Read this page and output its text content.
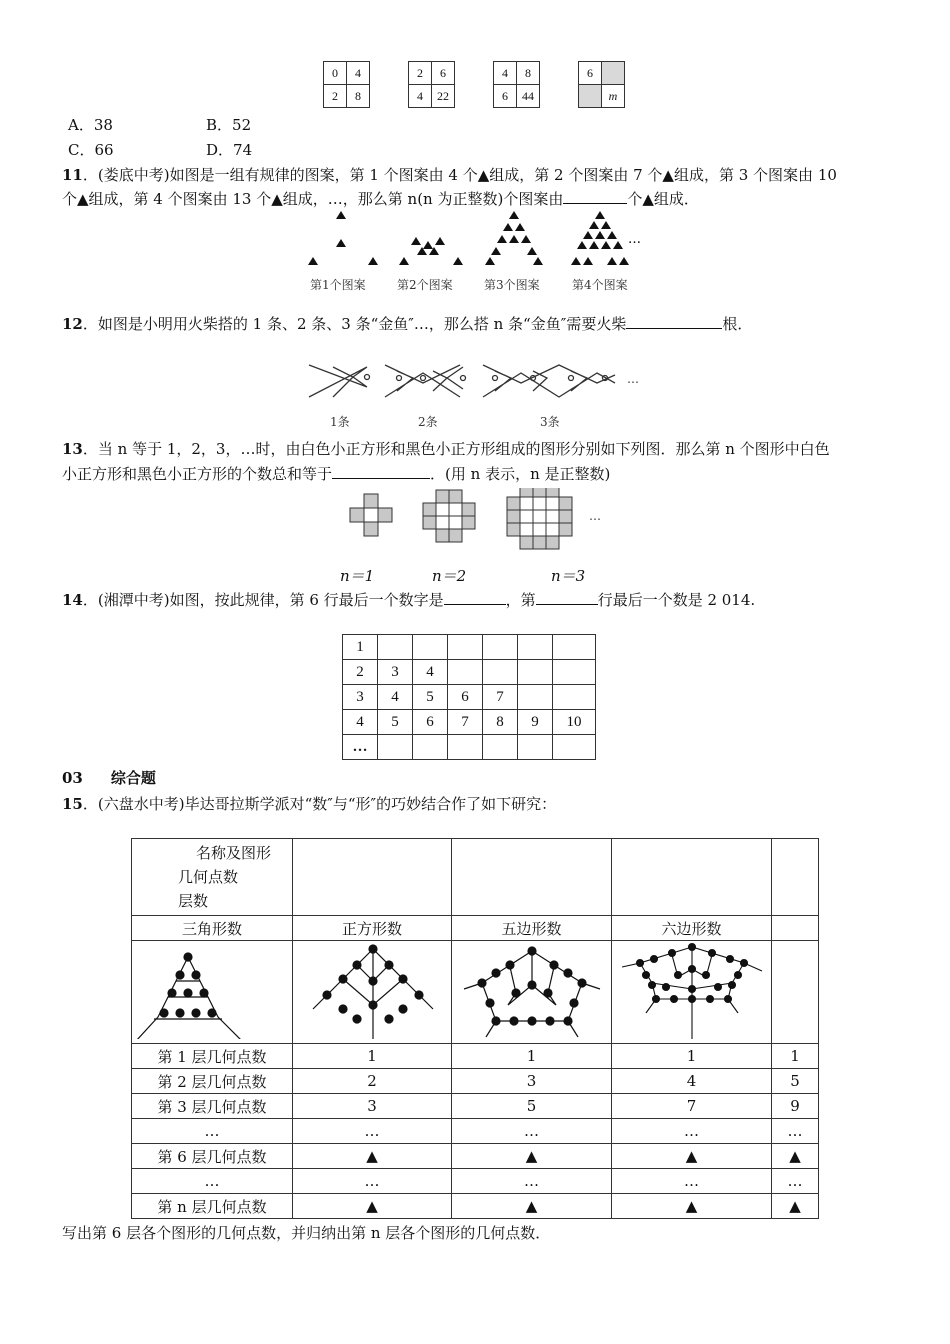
0	4
2	8
2	6
4	22
4	8
6	44
6	
	m
A．38	B．52
C．66	D．74
11．(娄底中考)如图是一组有规律的图案，第 1 个图案由 4 个▲组成，第 2 个图案由 7 个▲组成，第 3 个图案由 10
个▲组成，第 4 个图案由 13 个▲组成，…，那么第 n(n 为正整数)个图案由	个▲组成．
…
第1个图案	第2个图案	第3个图案	第4个图案
12．如图是小明用火柴搭的 1 条、2 条、3 条“金鱼″…，那么搭 n 条“金鱼″需要火柴	根．
…
1条	2条	3条
13．当 n 等于 1，2，3，…时，由白色小正方形和黑色小正方形组成的图形分别如下列图．那么第 n 个图形中白色
小正方形和黑色小正方形的个数总和等于	．(用 n 表示，n 是正整数)
…
n＝1	n＝2	n＝3
14．(湘潭中考)如图，按此规律，第 6 行最后一个数字是	，第	行最后一个数是 2 014.
1						
2	3	4				
3	4	5	6	7		
4	5	6	7	8	9	10
…						
03 综合题
15．(六盘水中考)毕达哥拉斯学派对“数″与“形″的巧妙结合作了如下研究：
名称及图形
几何点数
层数				

三角形数	正方形数	五边形数	六边形数	

第 1 层几何点数	1	1	1	1
第 2 层几何点数	2	3	4	5
第 3 层几何点数	3	5	7	9
…	…	…	…	…
第 6 层几何点数	▲	▲	▲	▲
…	…	…	…	…
第 n 层几何点数	▲	▲	▲	▲
写出第 6 层各个图形的几何点数，并归纳出第 n 层各个图形的几何点数．
